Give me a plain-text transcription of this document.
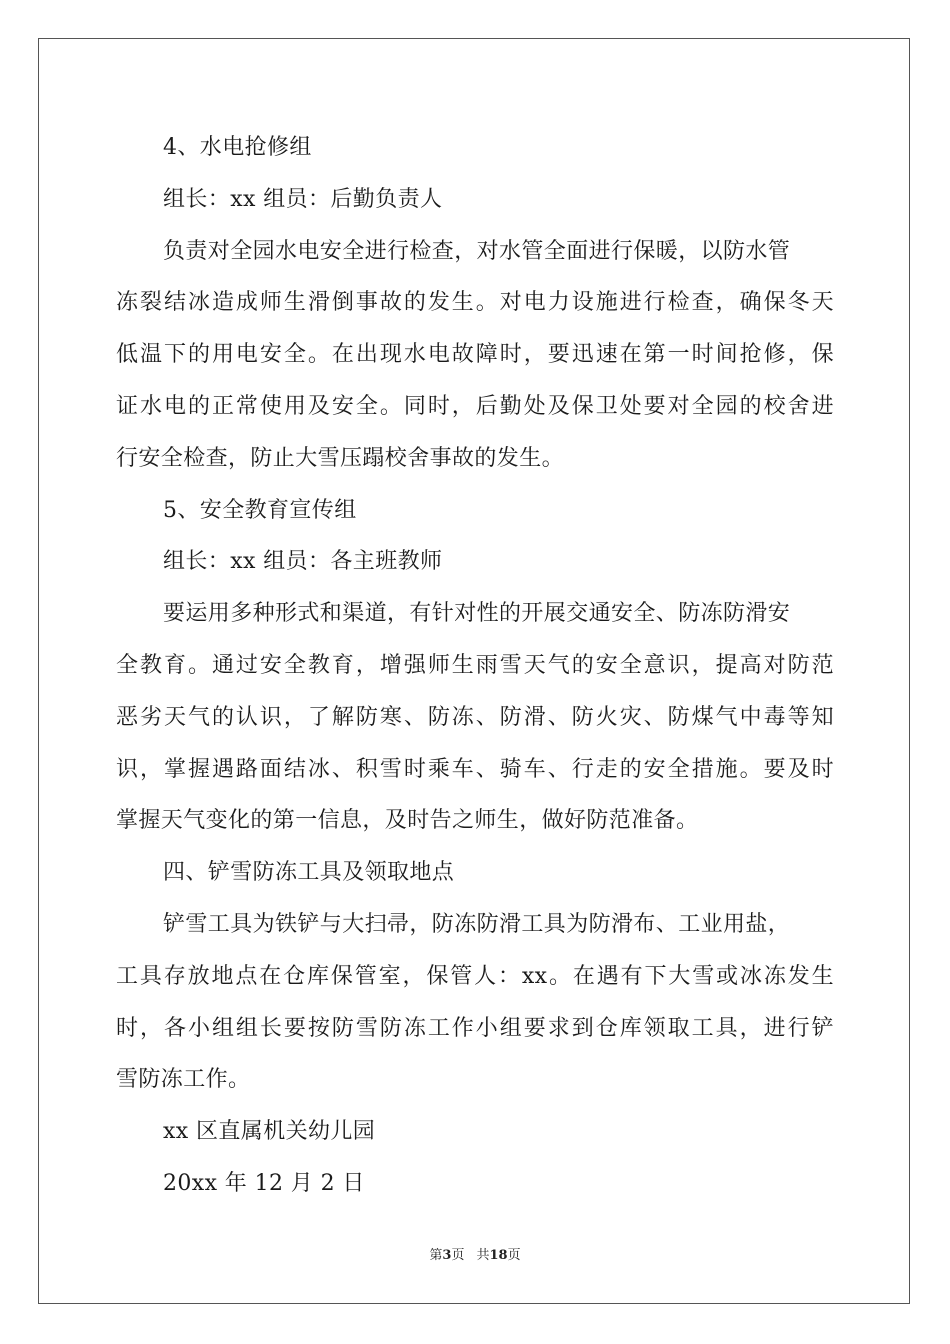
4、水电抢修组
组长：xx 组员：后勤负责人
负责对全园水电安全进行检查，对水管全面进行保暖，以防水管
冻裂结冰造成师生滑倒事故的发生。对电力设施进行检查，确保冬天
低温下的用电安全。在出现水电故障时，要迅速在第一时间抢修，保
证水电的正常使用及安全。同时，后勤处及保卫处要对全园的校舍进
行安全检查，防止大雪压蹋校舍事故的发生。
5、安全教育宣传组
组长：xx 组员：各主班教师
要运用多种形式和渠道，有针对性的开展交通安全、防冻防滑安
全教育。通过安全教育，增强师生雨雪天气的安全意识，提高对防范
恶劣天气的认识，了解防寒、防冻、防滑、防火灾、防煤气中毒等知
识，掌握遇路面结冰、积雪时乘车、骑车、行走的安全措施。要及时
掌握天气变化的第一信息，及时告之师生，做好防范准备。
四、铲雪防冻工具及领取地点
铲雪工具为铁铲与大扫帚，防冻防滑工具为防滑布、工业用盐，
工具存放地点在仓库保管室，保管人：xx。在遇有下大雪或冰冻发生
时，各小组组长要按防雪防冻工作小组要求到仓库领取工具，进行铲
雪防冻工作。
xx 区直属机关幼儿园
20xx 年 12 月 2 日
第3页 共18页
